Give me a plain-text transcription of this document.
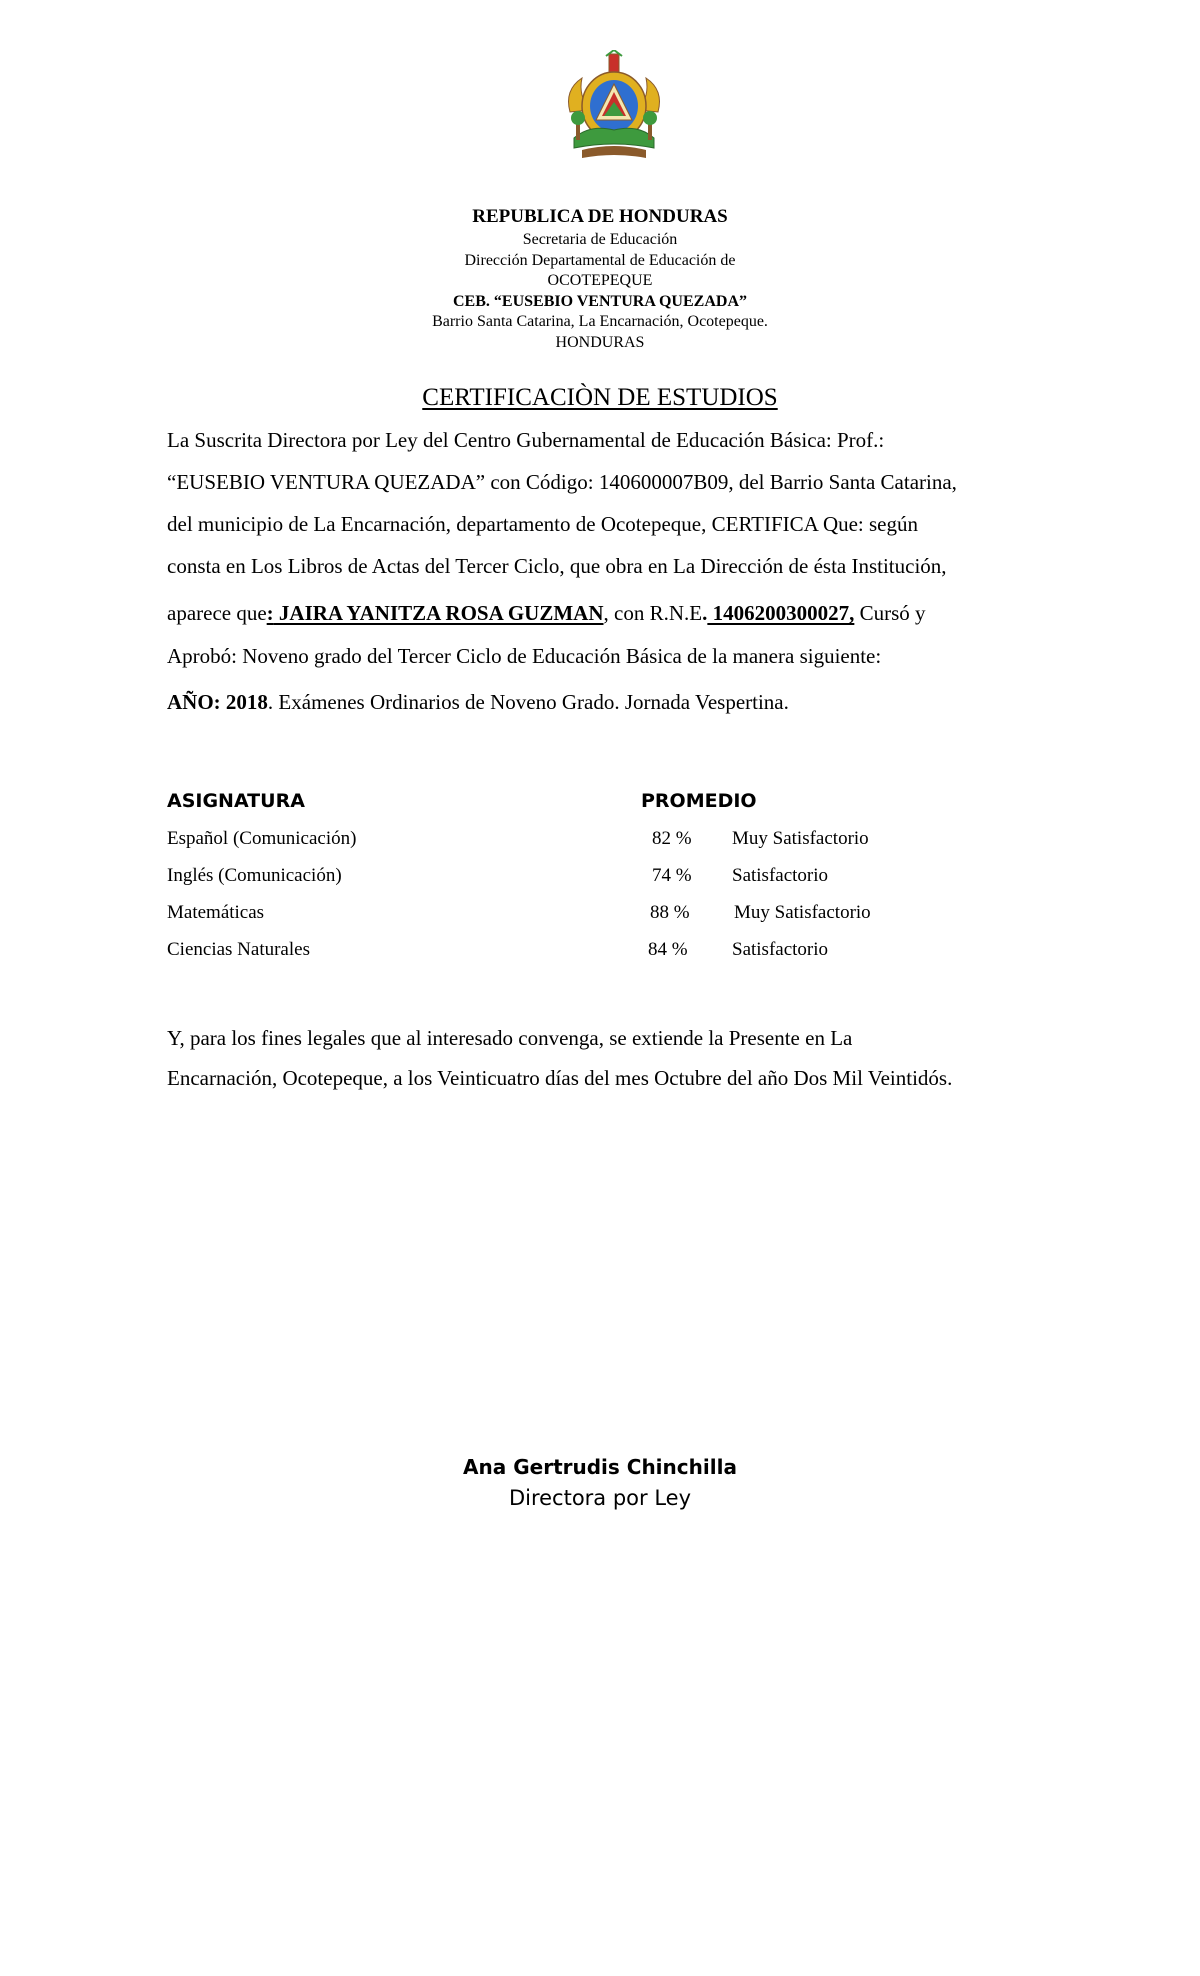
REPUBLICA DE HONDURAS
Secretaria de Educación
Dirección Departamental de Educación de
OCOTEPEQUE
CEB. “EUSEBIO VENTURA QUEZADA”
Barrio Santa Catarina, La Encarnación, Ocotepeque.
HONDURAS
CERTIFICACIÒN DE ESTUDIOS
La Suscrita Directora por Ley del Centro Gubernamental de Educación Básica: Prof.:
“EUSEBIO VENTURA QUEZADA” con Código: 140600007B09, del Barrio Santa Catarina,
del municipio de La Encarnación, departamento de Ocotepeque, CERTIFICA Que: según
consta en Los Libros de Actas del Tercer Ciclo, que obra en La Dirección de ésta Institución,
aparece que: JAIRA YANITZA ROSA GUZMAN, con R.N.E. 1406200300027, Cursó y
Aprobó: Noveno grado del Tercer Ciclo de Educación Básica de la manera siguiente:
AÑO: 2018. Exámenes Ordinarios de Noveno Grado. Jornada Vespertina.
ASIGNATURA	PROMEDIO
Español (Comunicación)	82 % Muy Satisfactorio
Inglés (Comunicación)	74 % Satisfactorio
Matemáticas	88 % Muy Satisfactorio
Ciencias Naturales	84 % Satisfactorio
Y, para los fines legales que al interesado convenga, se extiende la Presente en La
Encarnación, Ocotepeque, a los Veinticuatro días del mes Octubre del año Dos Mil Veintidós.
Ana Gertrudis Chinchilla
Directora por Ley
